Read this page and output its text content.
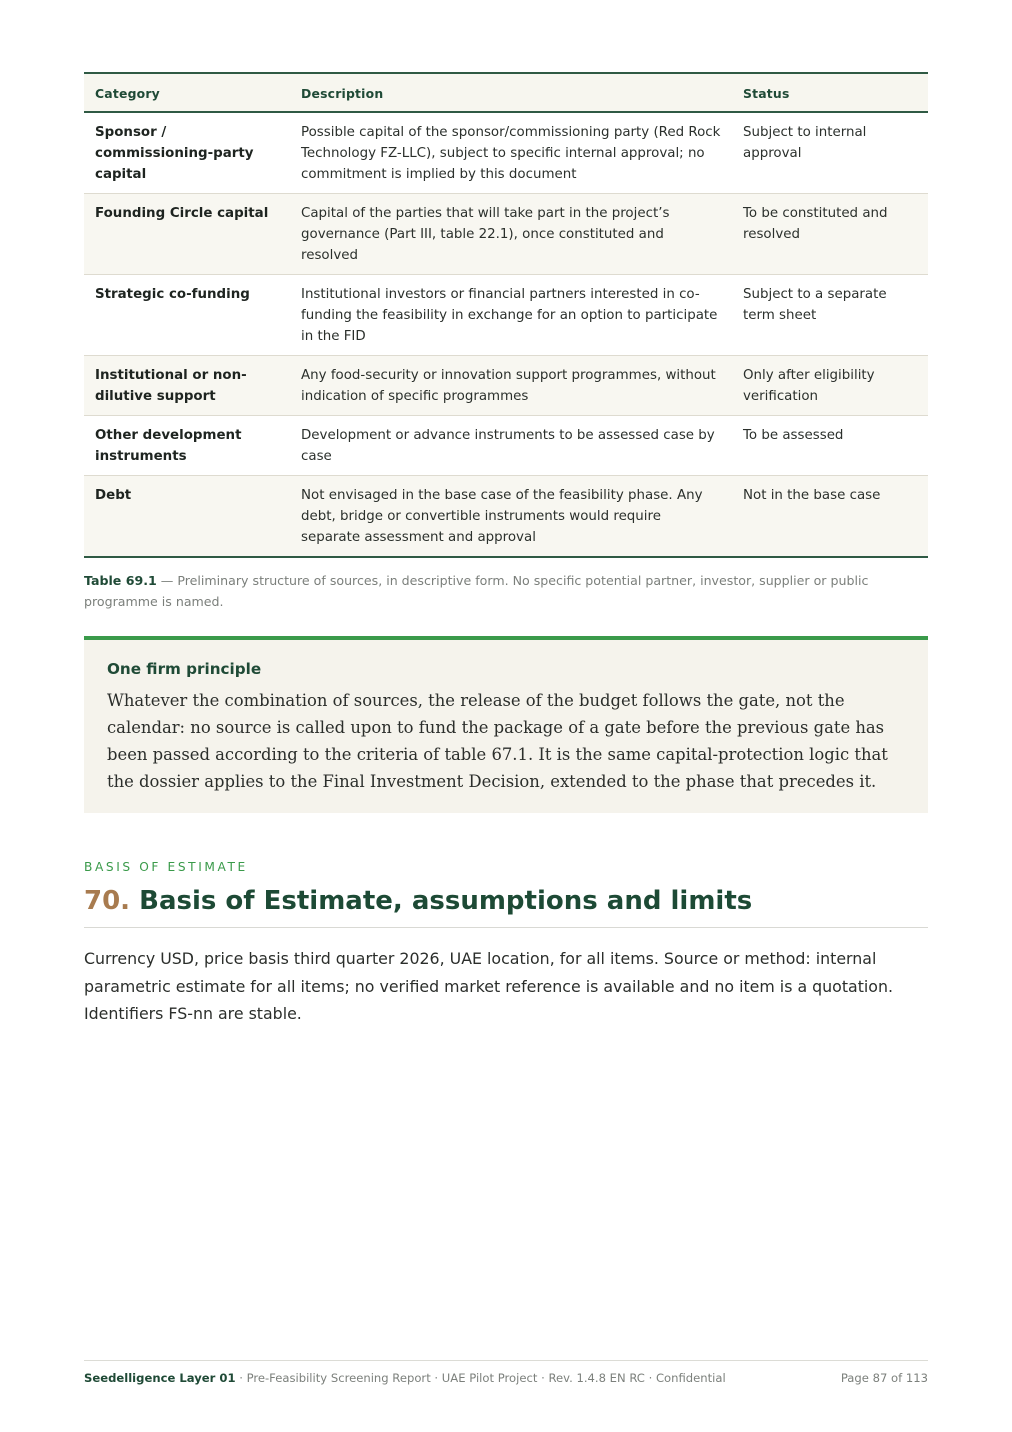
Category	Description	Status
Sponsor / commissioning-party capital	Possible capital of the sponsor/commissioning party (Red Rock Technology FZ-LLC), subject to specific internal approval; no commitment is implied by this document	Subject to internal approval
Founding Circle capital	Capital of the parties that will take part in the project’s governance (Part III, table 22.1), once constituted and resolved	To be constituted and resolved
Strategic co-funding	Institutional investors or financial partners interested in co-funding the feasibility in exchange for an option to participate in the FID	Subject to a separate term sheet
Institutional or non-dilutive support	Any food-security or innovation support programmes, without indication of specific programmes	Only after eligibility verification
Other development instruments	Development or advance instruments to be assessed case by case	To be assessed
Debt	Not envisaged in the base case of the feasibility phase. Any debt, bridge or convertible instruments would require separate assessment and approval	Not in the base case
Table 69.1 — Preliminary structure of sources, in descriptive form. No specific potential partner, investor, supplier or public programme is named.
One firm principle

Whatever the combination of sources, the release of the budget follows the gate, not the calendar: no source is called upon to fund the package of a gate before the previous gate has been passed according to the criteria of table 67.1. It is the same capital-protection logic that the dossier applies to the Final Investment Decision, extended to the phase that precedes it.

BASIS OF ESTIMATE
70. Basis of Estimate, assumptions and limits
Currency USD, price basis third quarter 2026, UAE location, for all items. Source or method: internal parametric estimate for all items; no verified market reference is available and no item is a quotation. Identifiers FS-nn are stable.
Seedelligence Layer 01 · Pre-Feasibility Screening Report · UAE Pilot Project · Rev. 1.4.8 EN RC · Confidential	Page 87 of 113
